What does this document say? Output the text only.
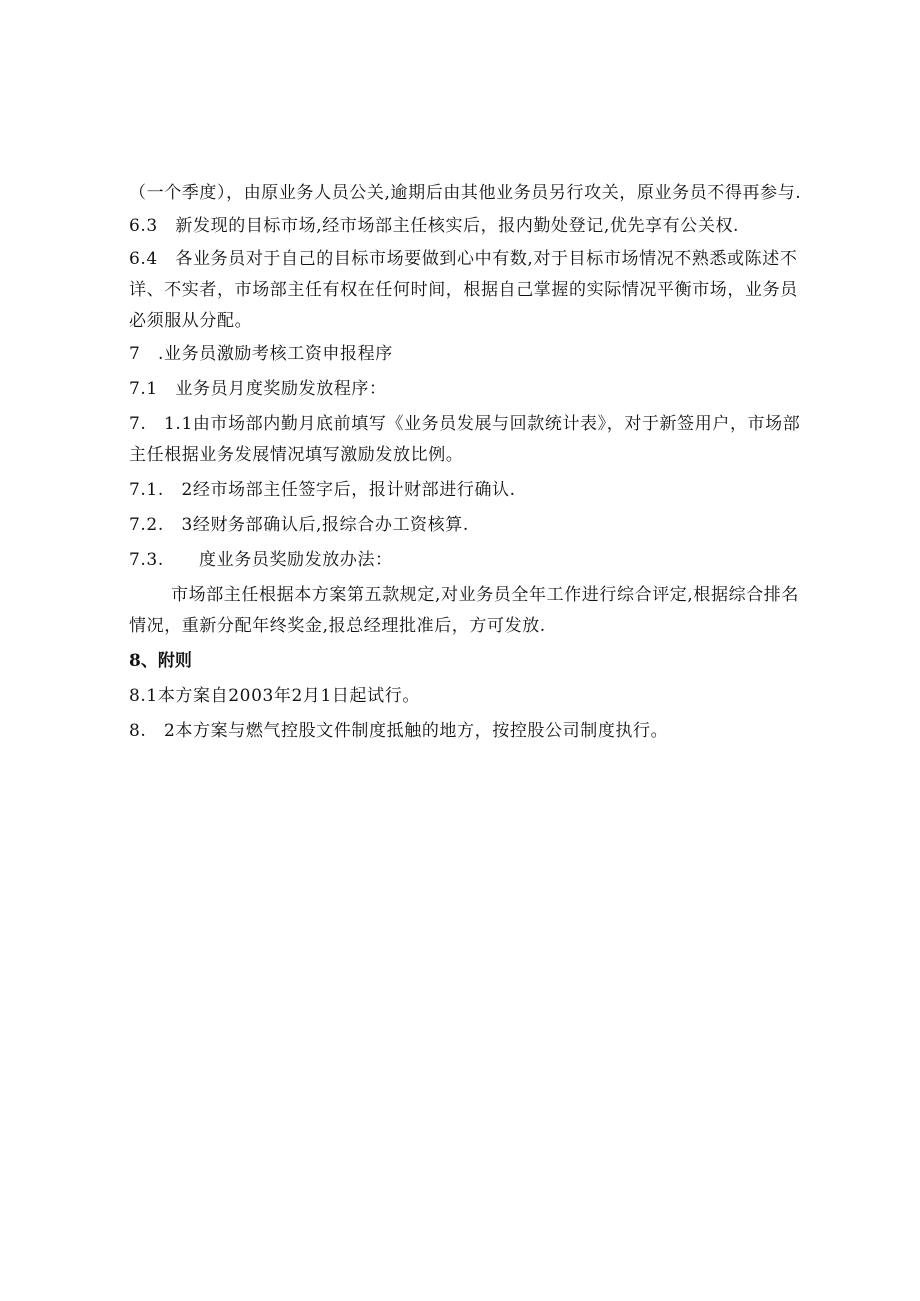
（一个季度），由原业务人员公关,逾期后由其他业务员另行攻关，原业务员不得再参与.

6.3　新发现的目标市场,经市场部主任核实后，报内勤处登记,优先享有公关权.

6.4　各业务员对于自己的目标市场要做到心中有数,对于目标市场情况不熟悉或陈述不详、不实者，市场部主任有权在任何时间，根据自己掌握的实际情况平衡市场，业务员必须服从分配。

7　.业务员激励考核工资申报程序

7.1　业务员月度奖励发放程序：

7.　1.1由市场部内勤月底前填写《业务员发展与回款统计表》，对于新签用户，市场部主任根据业务发展情况填写激励发放比例。

7.1.　2经市场部主任签字后，报计财部进行确认.

7.2.　3经财务部确认后,报综合办工资核算.

7.3.　　度业务员奖励发放办法：

市场部主任根据本方案第五款规定,对业务员全年工作进行综合评定,根据综合排名情况，重新分配年终奖金,报总经理批准后，方可发放.

8、附则

8.1本方案自2003年2月1日起试行。

8.　2本方案与燃气控股文件制度抵触的地方，按控股公司制度执行。
